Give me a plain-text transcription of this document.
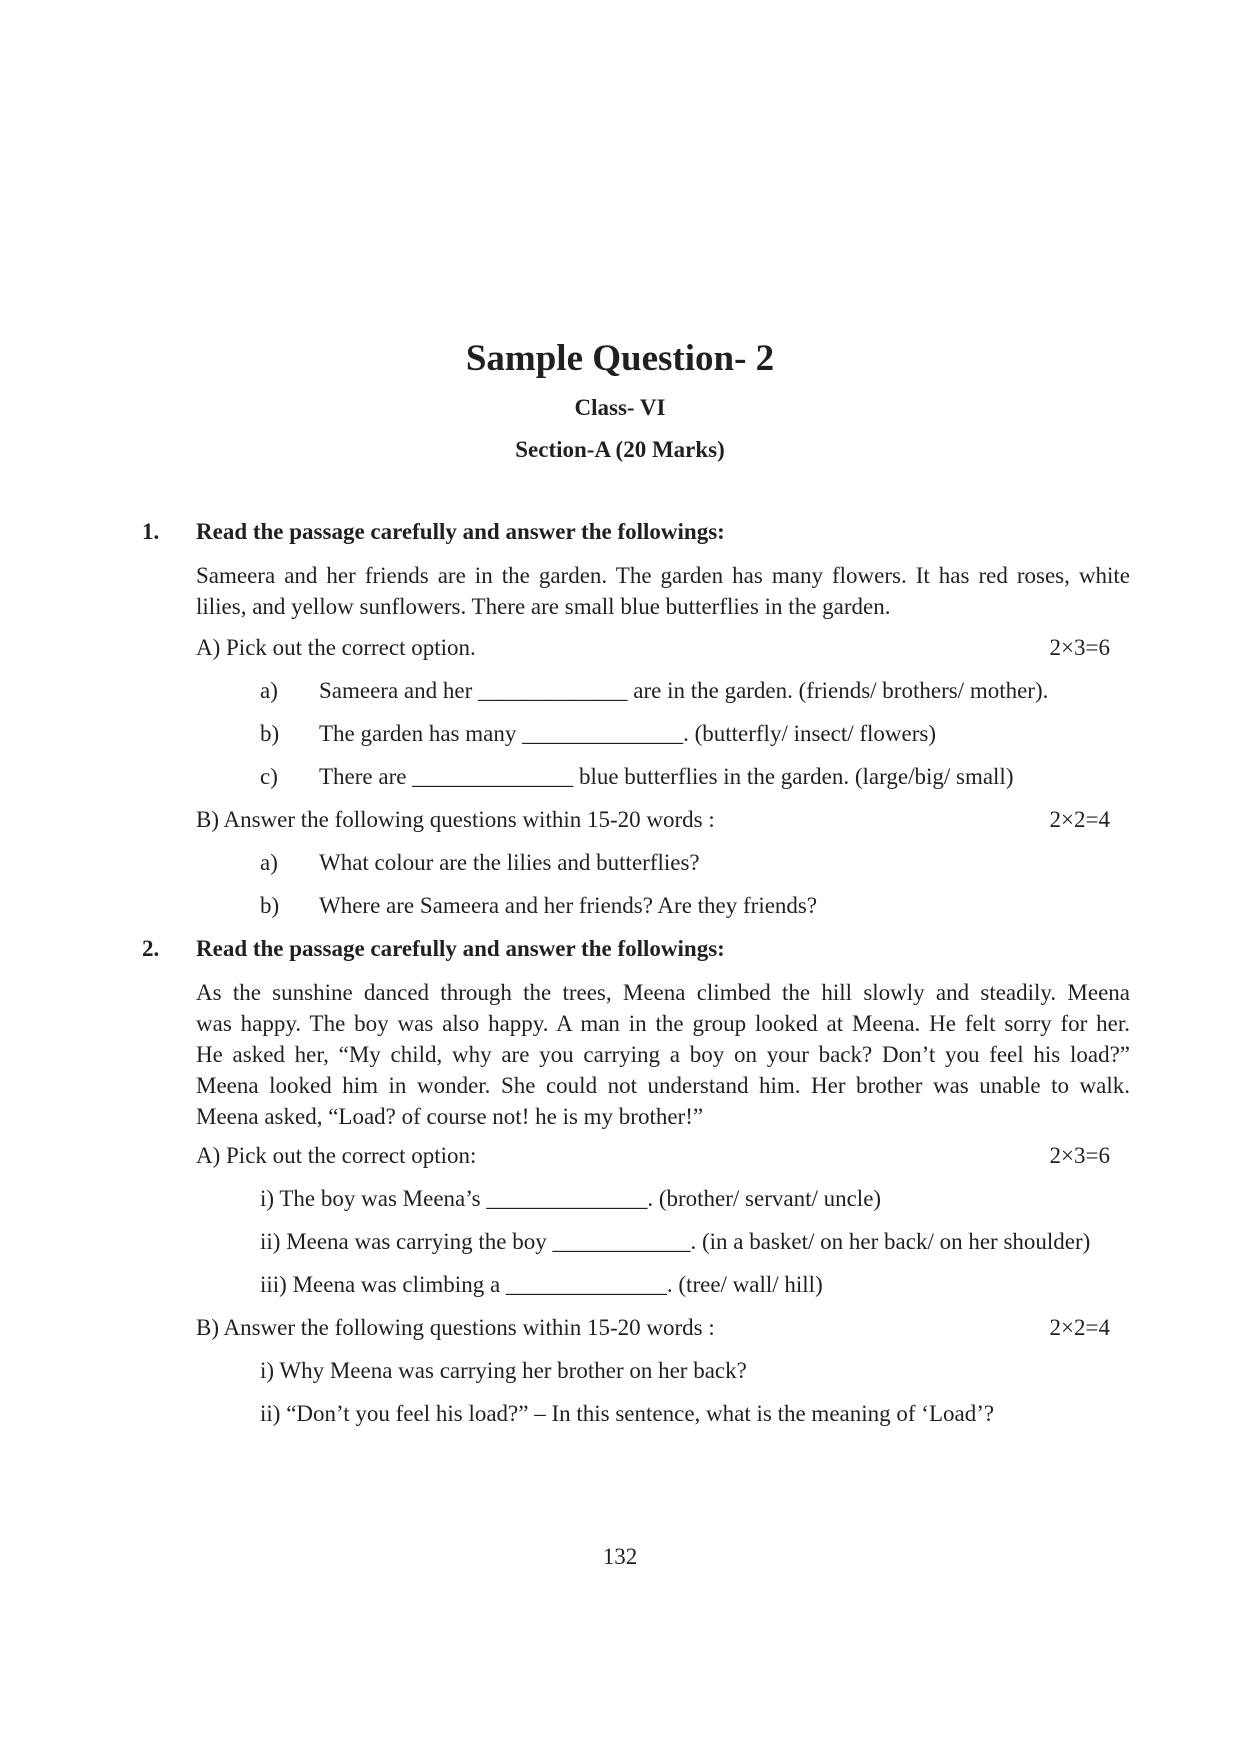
Sample Question- 2
Class- VI
Section-A (20 Marks)
1. Read the passage carefully and answer the followings:
Sameera and her friends are in the garden. The garden has many flowers. It has red roses, white
lilies, and yellow sunflowers. There are small blue butterflies in the garden.
A) Pick out the correct option.	2×3=6
a) Sameera and her _____________ are in the garden. (friends/ brothers/ mother).
b) The garden has many ______________. (butterfly/ insect/ flowers)
c) There are ______________ blue butterflies in the garden. (large/big/ small)
B) Answer the following questions within 15-20 words :	2×2=4
a) What colour are the lilies and butterflies?
b) Where are Sameera and her friends? Are they friends?
2. Read the passage carefully and answer the followings:
As the sunshine danced through the trees, Meena climbed the hill slowly and steadily. Meena
was happy. The boy was also happy. A man in the group looked at Meena. He felt sorry for her.
He asked her, “My child, why are you carrying a boy on your back? Don’t you feel his load?”
Meena looked him in wonder. She could not understand him. Her brother was unable to walk.
Meena asked, “Load? of course not! he is my brother!”
A) Pick out the correct option:	2×3=6
i) The boy was Meena’s ______________. (brother/ servant/ uncle)
ii) Meena was carrying the boy ____________. (in a basket/ on her back/ on her shoulder)
iii) Meena was climbing a ______________. (tree/ wall/ hill)
B) Answer the following questions within 15-20 words :	2×2=4
i) Why Meena was carrying her brother on her back?
ii) “Don’t you feel his load?” – In this sentence, what is the meaning of ‘Load’?
132
